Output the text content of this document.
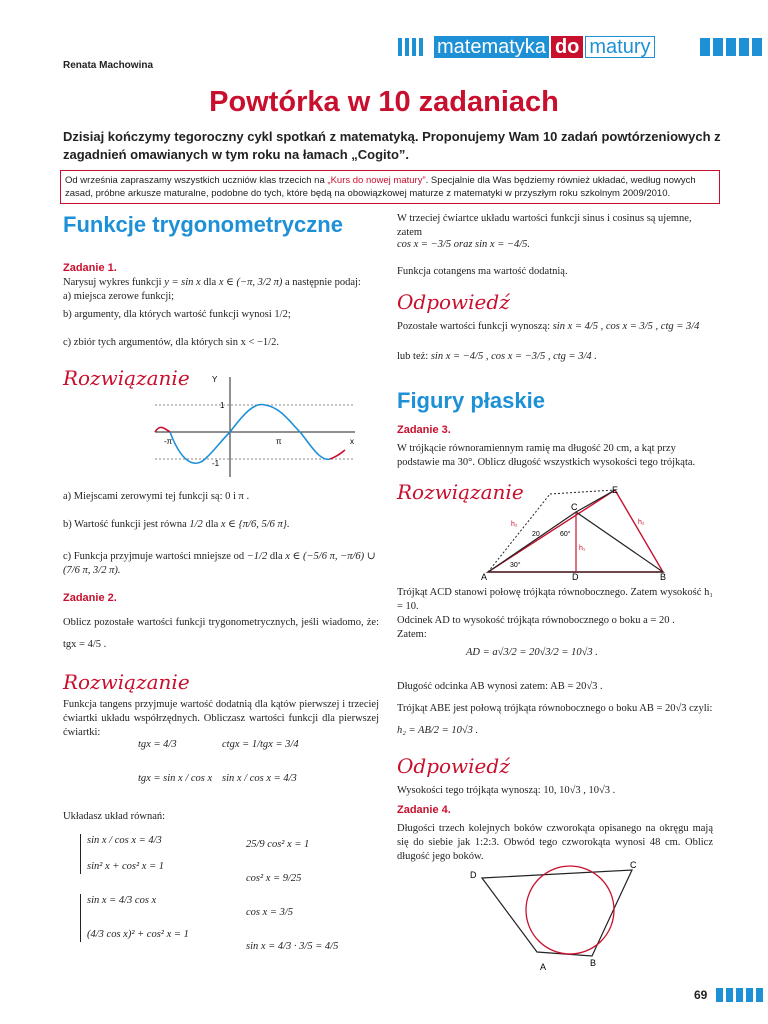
Renata Machowina
matematyka do matury
Powtórka w 10 zadaniach
Dzisiaj kończymy tegoroczny cykl spotkań z matematyką. Proponujemy Wam 10 zadań powtórzeniowych z zagadnień omawianych w tym roku na łamach „Cogito”.
Od września zapraszamy wszystkich uczniów klas trzecich na „Kurs do nowej matury”. Specjalnie dla Was będziemy również układać, według nowych zasad, próbne arkusze maturalne, podobne do tych, które będą na obowiązkowej maturze z matematyki w przyszłym roku szkolnym 2009/2010.
Funkcje trygonometryczne
Zadanie 1.
Narysuj wykres funkcji y = sin x dla x ∈ (−π, 3/2 π) a następnie podaj:
a) miejsca zerowe funkcji;
b) argumenty, dla których wartość funkcji wynosi 1/2;
c) zbiór tych argumentów, dla których sin x < −1/2.
Rozwiązanie	Y
x
1
-1
-π	π
a) Miejscami zerowymi tej funkcji są: 0 i π .
b) Wartość funkcji jest równa 1/2 dla x ∈ {π/6, 5/6 π}.
c) Funkcja przyjmuje wartości mniejsze od −1/2 dla x ∈ (−5/6 π, −π/6) ∪ (7/6 π, 3/2 π).
Zadanie 2.
Oblicz pozostałe wartości funkcji trygonometrycznych, jeśli wiadomo, że: tgx = 4/5 .
Rozwiązanie
Funkcja tangens przyjmuje wartość dodatnią dla kątów pierwszej i trzeciej ćwiartki układu współrzędnych. Obliczasz wartości funkcji dla pierwszej ćwiartki:
tgx = 4/3	ctgx = 1/tgx = 3/4
tgx = sin x / cos x sin x / cos x = 4/3
Układasz układ równań:
sin x / cos x = 4/3
sin² x + cos² x = 1
sin x = 4/3 cos x
(4/3 cos x)² + cos² x = 1
25/9 cos² x = 1
cos² x = 9/25
cos x = 3/5
sin x = 4/3 · 3/5 = 4/5
W trzeciej ćwiartce układu wartości funkcji sinus i cosinus są ujemne, zatem
cos x = −3/5 oraz sin x = −4/5.
Funkcja cotangens ma wartość dodatnią.
Odpowiedź
Pozostałe wartości funkcji wynoszą: sin x = 4/5 , cos x = 3/5 , ctg = 3/4
lub też: sin x = −4/5 , cos x = −3/5 , ctg = 3/4 .
Figury płaskie
Zadanie 3.
W trójkącie równoramiennym ramię ma długość 20 cm, a kąt przy podstawie ma 30°. Oblicz długość wszystkich wysokości tego trójkąta.
Rozwiązanie	E
C
A	D	B
20	60°
30°
h₁
h₂	h₂
Trójkąt ACD stanowi połowę trójkąta równobocznego. Zatem wysokość h₁ = 10.
Odcinek AD to wysokość trójkąta równobocznego o boku a = 20 .
Zatem:
AD = a√3/2 = 20√3/2 = 10√3 .
Długość odcinka AB wynosi zatem: AB = 20√3 .
Trójkąt ABE jest połową trójkąta równobocznego o boku AB = 20√3 czyli:
h₂ = AB/2 = 10√3 .
Odpowiedź
Wysokości tego trójkąta wynoszą: 10, 10√3 , 10√3 .
Zadanie 4.
Długości trzech kolejnych boków czworokąta opisanego na okręgu mają się do siebie jak 1:2:3. Obwód tego czworokąta wynosi 48 cm. Oblicz długość jego boków.
D
C
A	B
69
